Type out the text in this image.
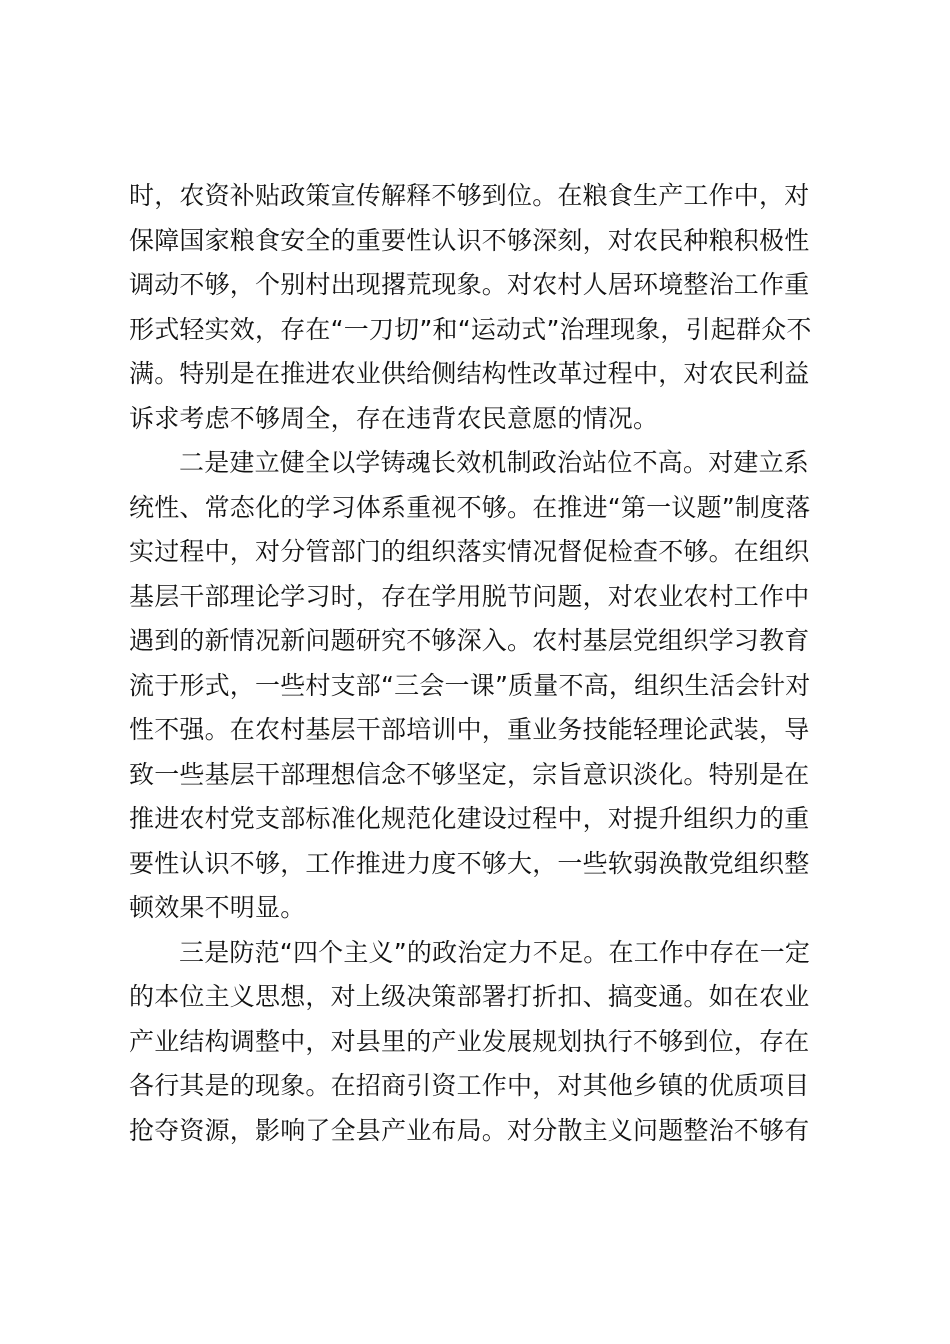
时，农资补贴政策宣传解释不够到位。在粮食生产工作中，对
保障国家粮食安全的重要性认识不够深刻，对农民种粮积极性
调动不够，个别村出现撂荒现象。对农村人居环境整治工作重
形式轻实效，存在“一刀切”和“运动式”治理现象，引起群众不
满。特别是在推进农业供给侧结构性改革过程中，对农民利益
诉求考虑不够周全，存在违背农民意愿的情况。
二是建立健全以学铸魂长效机制政治站位不高。对建立系
统性、常态化的学习体系重视不够。在推进“第一议题”制度落
实过程中，对分管部门的组织落实情况督促检查不够。在组织
基层干部理论学习时，存在学用脱节问题，对农业农村工作中
遇到的新情况新问题研究不够深入。农村基层党组织学习教育
流于形式，一些村支部“三会一课”质量不高，组织生活会针对
性不强。在农村基层干部培训中，重业务技能轻理论武装，导
致一些基层干部理想信念不够坚定，宗旨意识淡化。特别是在
推进农村党支部标准化规范化建设过程中，对提升组织力的重
要性认识不够，工作推进力度不够大，一些软弱涣散党组织整
顿效果不明显。
三是防范“四个主义”的政治定力不足。在工作中存在一定
的本位主义思想，对上级决策部署打折扣、搞变通。如在农业
产业结构调整中，对县里的产业发展规划执行不够到位，存在
各行其是的现象。在招商引资工作中，对其他乡镇的优质项目
抢夺资源，影响了全县产业布局。对分散主义问题整治不够有
